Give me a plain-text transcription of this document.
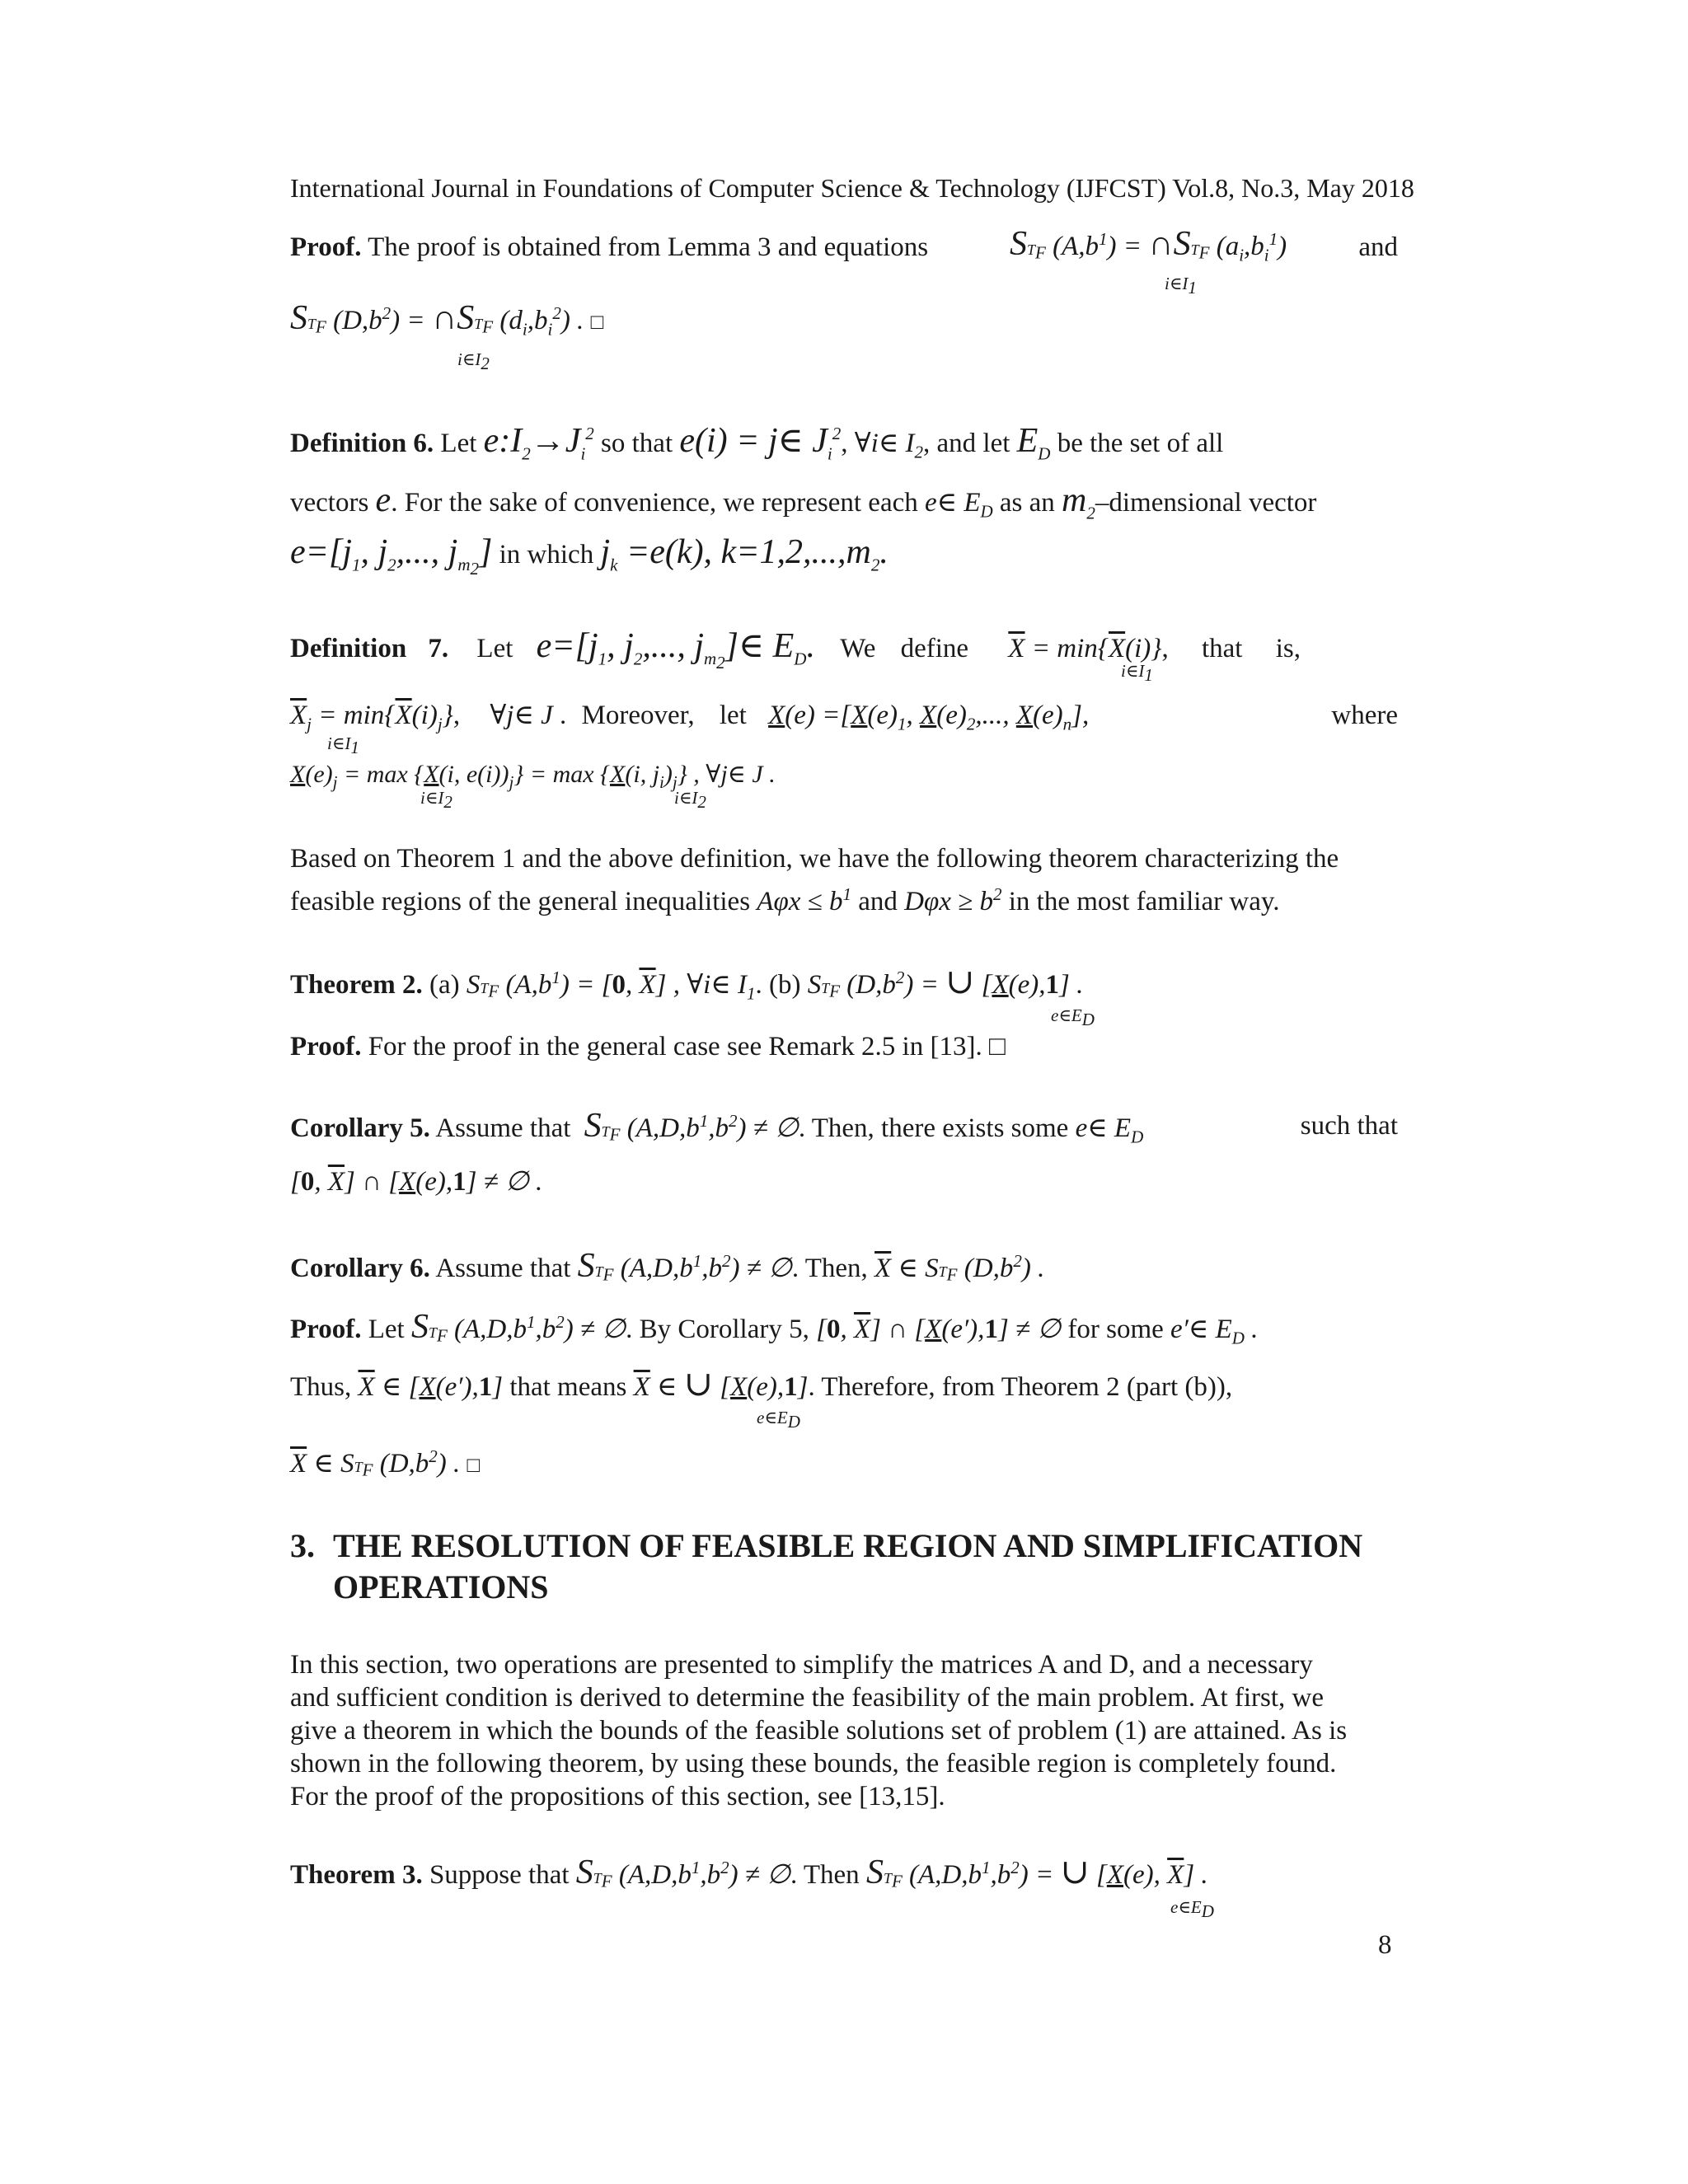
International Journal in Foundations of Computer Science & Technology (IJFCST) Vol.8, No.3, May 2018
Proof. The proof is obtained from Lemma 3 and equations $ST_F$ $(A,b^1)$ = $\cap ST_F$ $(a_i,b_i^1)$	and
$i\in I_1$
$ST_F$ $(D,b^2)$ = $\cap ST_F$ $(d_i,b_i^2)$ . □
$i\in I_2$
Definition 6. Let $e:I_2\to J_i^2$ so that e(i) = j∈ $J_i^2$, ∀i∈ $I_2$, and let $E_D$ be the set of all
vectors e. For the sake of convenience, we represent each e∈ $E_D$ as an $m_2$–dimensional vector
$e=[j_1$, $j_2$,..., $j_{m_2}$] in which $j_k =e(k)$, $k=1,2,...,m_2$.
Definition 7. Let $e=[j_1$, $j_2$,..., $j_{m_2}]\in$ $E_D$. We define $\overline{X} = \min\{\overline{X}(i)\}$, that is,
$i\in I_1$
$\overline{X}_j = \min\{\overline{X}(i)_j\}$, ∀j∈ J . Moreover, let $X(e) =[X(e)_1$, $X(e)_2$,..., $X(e)_n$],	where
$i\in I_1$
$X(e)_j = \max \{X(i$, $e(i))_j\} = \max \{X(i$, $j_i)_j$} , ∀j∈ J .
$i\in I_2$	$i\in I_2$
Based on Theorem 1 and the above definition, we have the following theorem characterizing the
feasible regions of the general inequalities $A\varphi x \le b^1$ and $D\varphi x \ge b^2$ in the most familiar way.
Theorem 2. (a) $ST_F$ $(A,b^1) = [0$, $\overline{X}$] , ∀i∈ $I_1$. (b) $ST_F$ $(D,b^2)$ = ∪ [X(e),1] .
$e\in E_D$
Proof. For the proof in the general case see Remark 2.5 in [13]. □
Corollary 5. Assume that $ST_F$ $(A,D,b^1,b^2)$ ≠ ∅. Then, there exists some e∈ $E_D$	such that
[0, $\overline{X}$] ∩ [X(e),1] ≠ ∅ .
Corollary 6. Assume that $ST_F$ $(A,D,b^1,b^2)$ ≠ ∅. Then, $\overline{X}$ ∈ $ST_F$ $(D,b^2)$ .
Proof. Let $ST_F$ $(A,D,b^1,b^2)$ ≠ ∅. By Corollary 5, [0, $\overline{X}$] ∩ [X(e′),1] ≠ ∅ for some e′∈ $E_D$ .
Thus, $\overline{X}$ ∈ [X(e′),1] that means $\overline{X}$ ∈ ∪ [X(e),1]. Therefore, from Theorem 2 (part (b)),
$e\in E_D$
$\overline{X}$ ∈ $ST_F$ $(D,b^2)$ . □
3. THE RESOLUTION OF FEASIBLE REGION AND SIMPLIFICATION
OPERATIONS

In this section, two operations are presented to simplify the matrices A and D, and a necessary

and sufficient condition is derived to determine the feasibility of the main problem. At first, we

give a theorem in which the bounds of the feasible solutions set of problem (1) are attained. As is

shown in the following theorem, by using these bounds, the feasible region is completely found.

For the proof of the propositions of this section, see [13,15].

Theorem 3. Suppose that $ST_F$ $(A,D,b^1,b^2)$ ≠ ∅. Then $ST_F$ $(A,D,b^1,b^2)$ = ∪ [X(e), $\overline{X}$] .
$e\in E_D$
8
